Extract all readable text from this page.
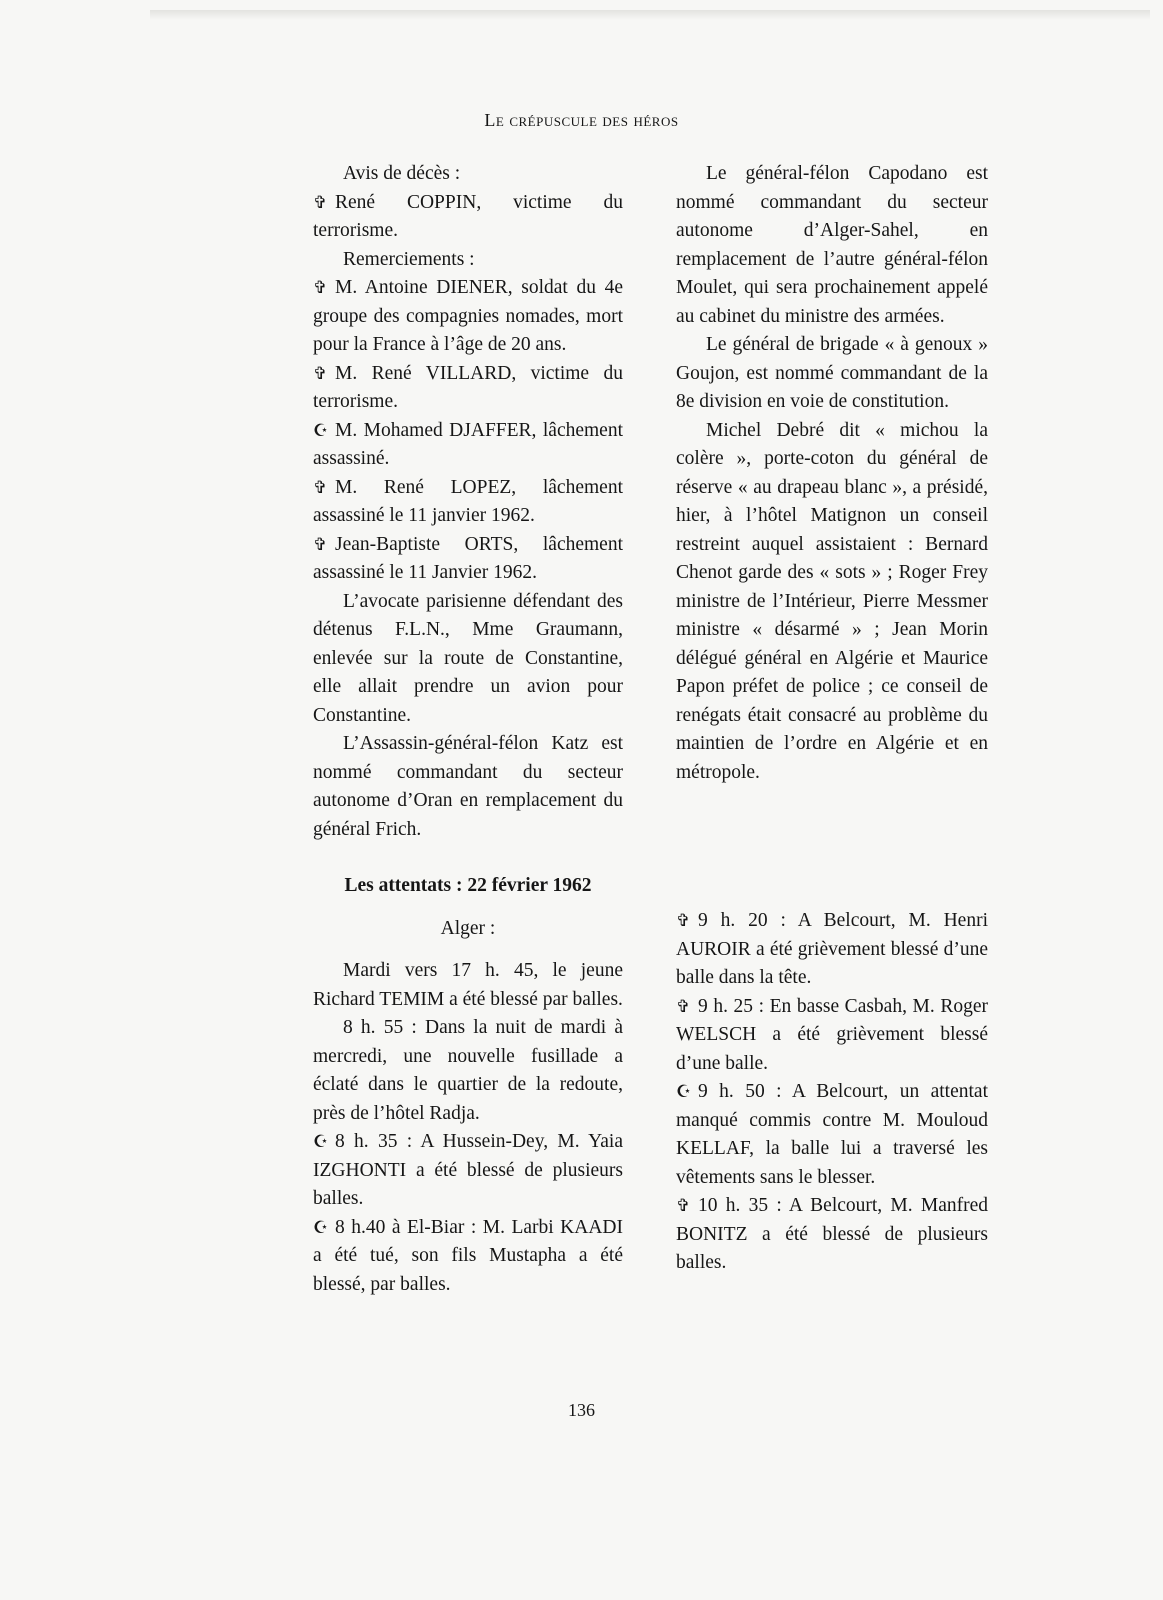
Le crépuscule des héros

Avis de décès :

✞ René COPPIN, victime du terrorisme.

Remerciements :

✞ M. Antoine DIENER, soldat du 4e groupe des compagnies nomades, mort pour la France à l’âge de 20 ans.

✞ M. René VILLARD, victime du terrorisme.

☪ M. Mohamed DJAFFER, lâchement assassiné.

✞ M. René LOPEZ, lâchement assassiné le 11 janvier 1962.

✞ Jean-Baptiste ORTS, lâchement assassiné le 11 Janvier 1962.

L’avocate parisienne défendant des détenus F.L.N., Mme Graumann, enlevée sur la route de Constantine, elle allait prendre un avion pour Constantine.

L’Assassin-général-félon Katz est nommé commandant du secteur autonome d’Oran en remplacement du général Frich.

Les attentats : 22 février 1962

Alger :

Mardi vers 17 h. 45, le jeune Richard TEMIM a été blessé par balles.

8 h. 55 : Dans la nuit de mardi à mercredi, une nouvelle fusillade a éclaté dans le quartier de la redoute, près de l’hôtel Radja.

☪ 8 h. 35 : A Hussein-Dey, M. Yaia IZGHONTI a été blessé de plusieurs balles.

☪ 8 h.40 à El-Biar : M. Larbi KAADI a été tué, son fils Mustapha a été blessé, par balles.

Le général-félon Capodano est nommé commandant du secteur autonome d’Alger-Sahel, en remplacement de l’autre général-félon Moulet, qui sera prochainement appelé au cabinet du ministre des armées.

Le général de brigade « à genoux » Goujon, est nommé commandant de la 8e division en voie de constitution.

Michel Debré dit « michou la colère », porte-coton du général de réserve « au drapeau blanc », a présidé, hier, à l’hôtel Matignon un conseil restreint auquel assistaient : Bernard Chenot garde des « sots » ; Roger Frey ministre de l’Intérieur, Pierre Messmer ministre « désarmé » ; Jean Morin délégué général en Algérie et Maurice Papon préfet de police ; ce conseil de renégats était consacré au problème du maintien de l’ordre en Algérie et en métropole.

✞ 9 h. 20 : A Belcourt, M. Henri AUROIR a été grièvement blessé d’une balle dans la tête.

✞ 9 h. 25 : En basse Casbah, M. Roger WELSCH a été grièvement blessé d’une balle.

☪ 9 h. 50 : A Belcourt, un attentat manqué commis contre M. Mouloud KELLAF, la balle lui a traversé les vêtements sans le blesser.

✞ 10 h. 35 : A Belcourt, M. Manfred BONITZ a été blessé de plusieurs balles.

136
